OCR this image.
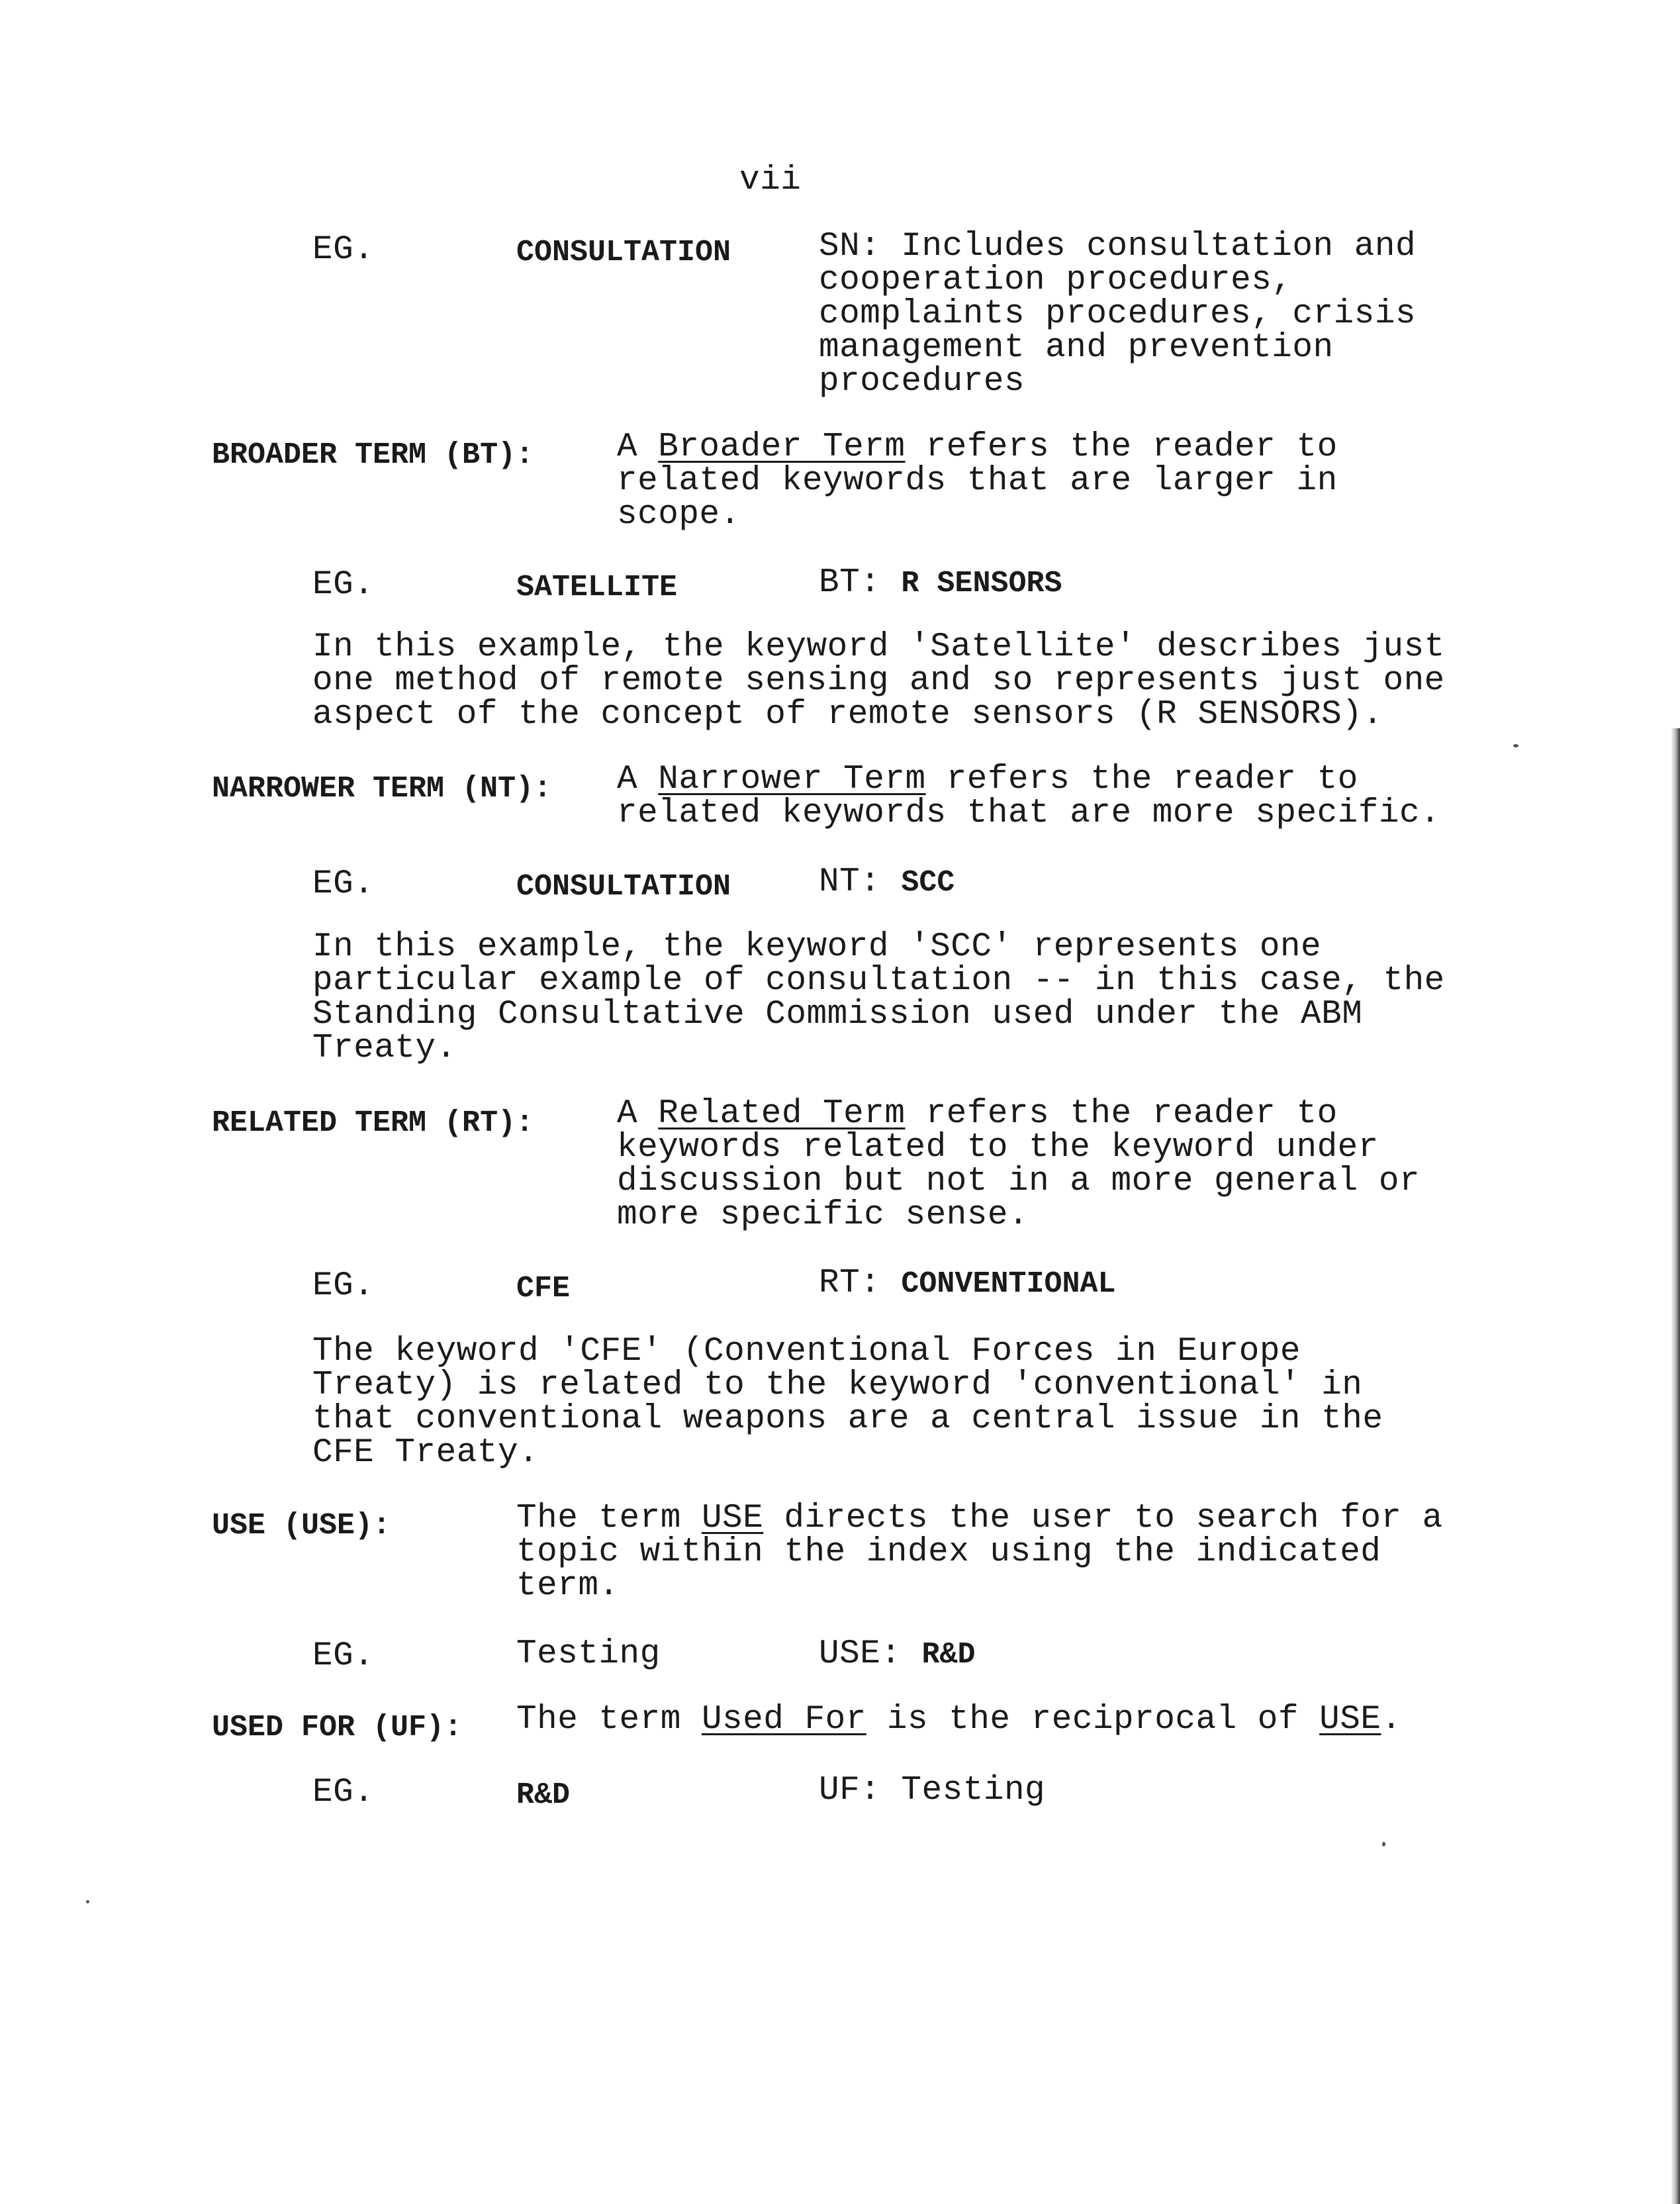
vii
EG.	CONSULTATION	SN: Includes consultation and
cooperation procedures,
complaints procedures, crisis
management and prevention
procedures
BROADER TERM (BT): A Broader Term refers the reader to
related keywords that are larger in
scope.
EG.	SATELLITE	BT: R SENSORS
In this example, the keyword 'Satellite' describes just
one method of remote sensing and so represents just one
aspect of the concept of remote sensors (R SENSORS).
NARROWER TERM (NT): A Narrower Term refers the reader to
related keywords that are more specific.
EG.	CONSULTATION	NT: SCC
In this example, the keyword 'SCC' represents one
particular example of consultation -- in this case, the
Standing Consultative Commission used under the ABM
Treaty.
RELATED TERM (RT): A Related Term refers the reader to
keywords related to the keyword under
discussion but not in a more general or
more specific sense.
EG.	CFE	RT: CONVENTIONAL
The keyword 'CFE' (Conventional Forces in Europe
Treaty) is related to the keyword 'conventional' in
that conventional weapons are a central issue in the
CFE Treaty.
USE (USE):	The term USE directs the user to search for a
topic within the index using the indicated
term.
EG.	Testing	USE: R&D
USED FOR (UF): The term Used For is the reciprocal of USE.
EG.	R&D	UF: Testing
